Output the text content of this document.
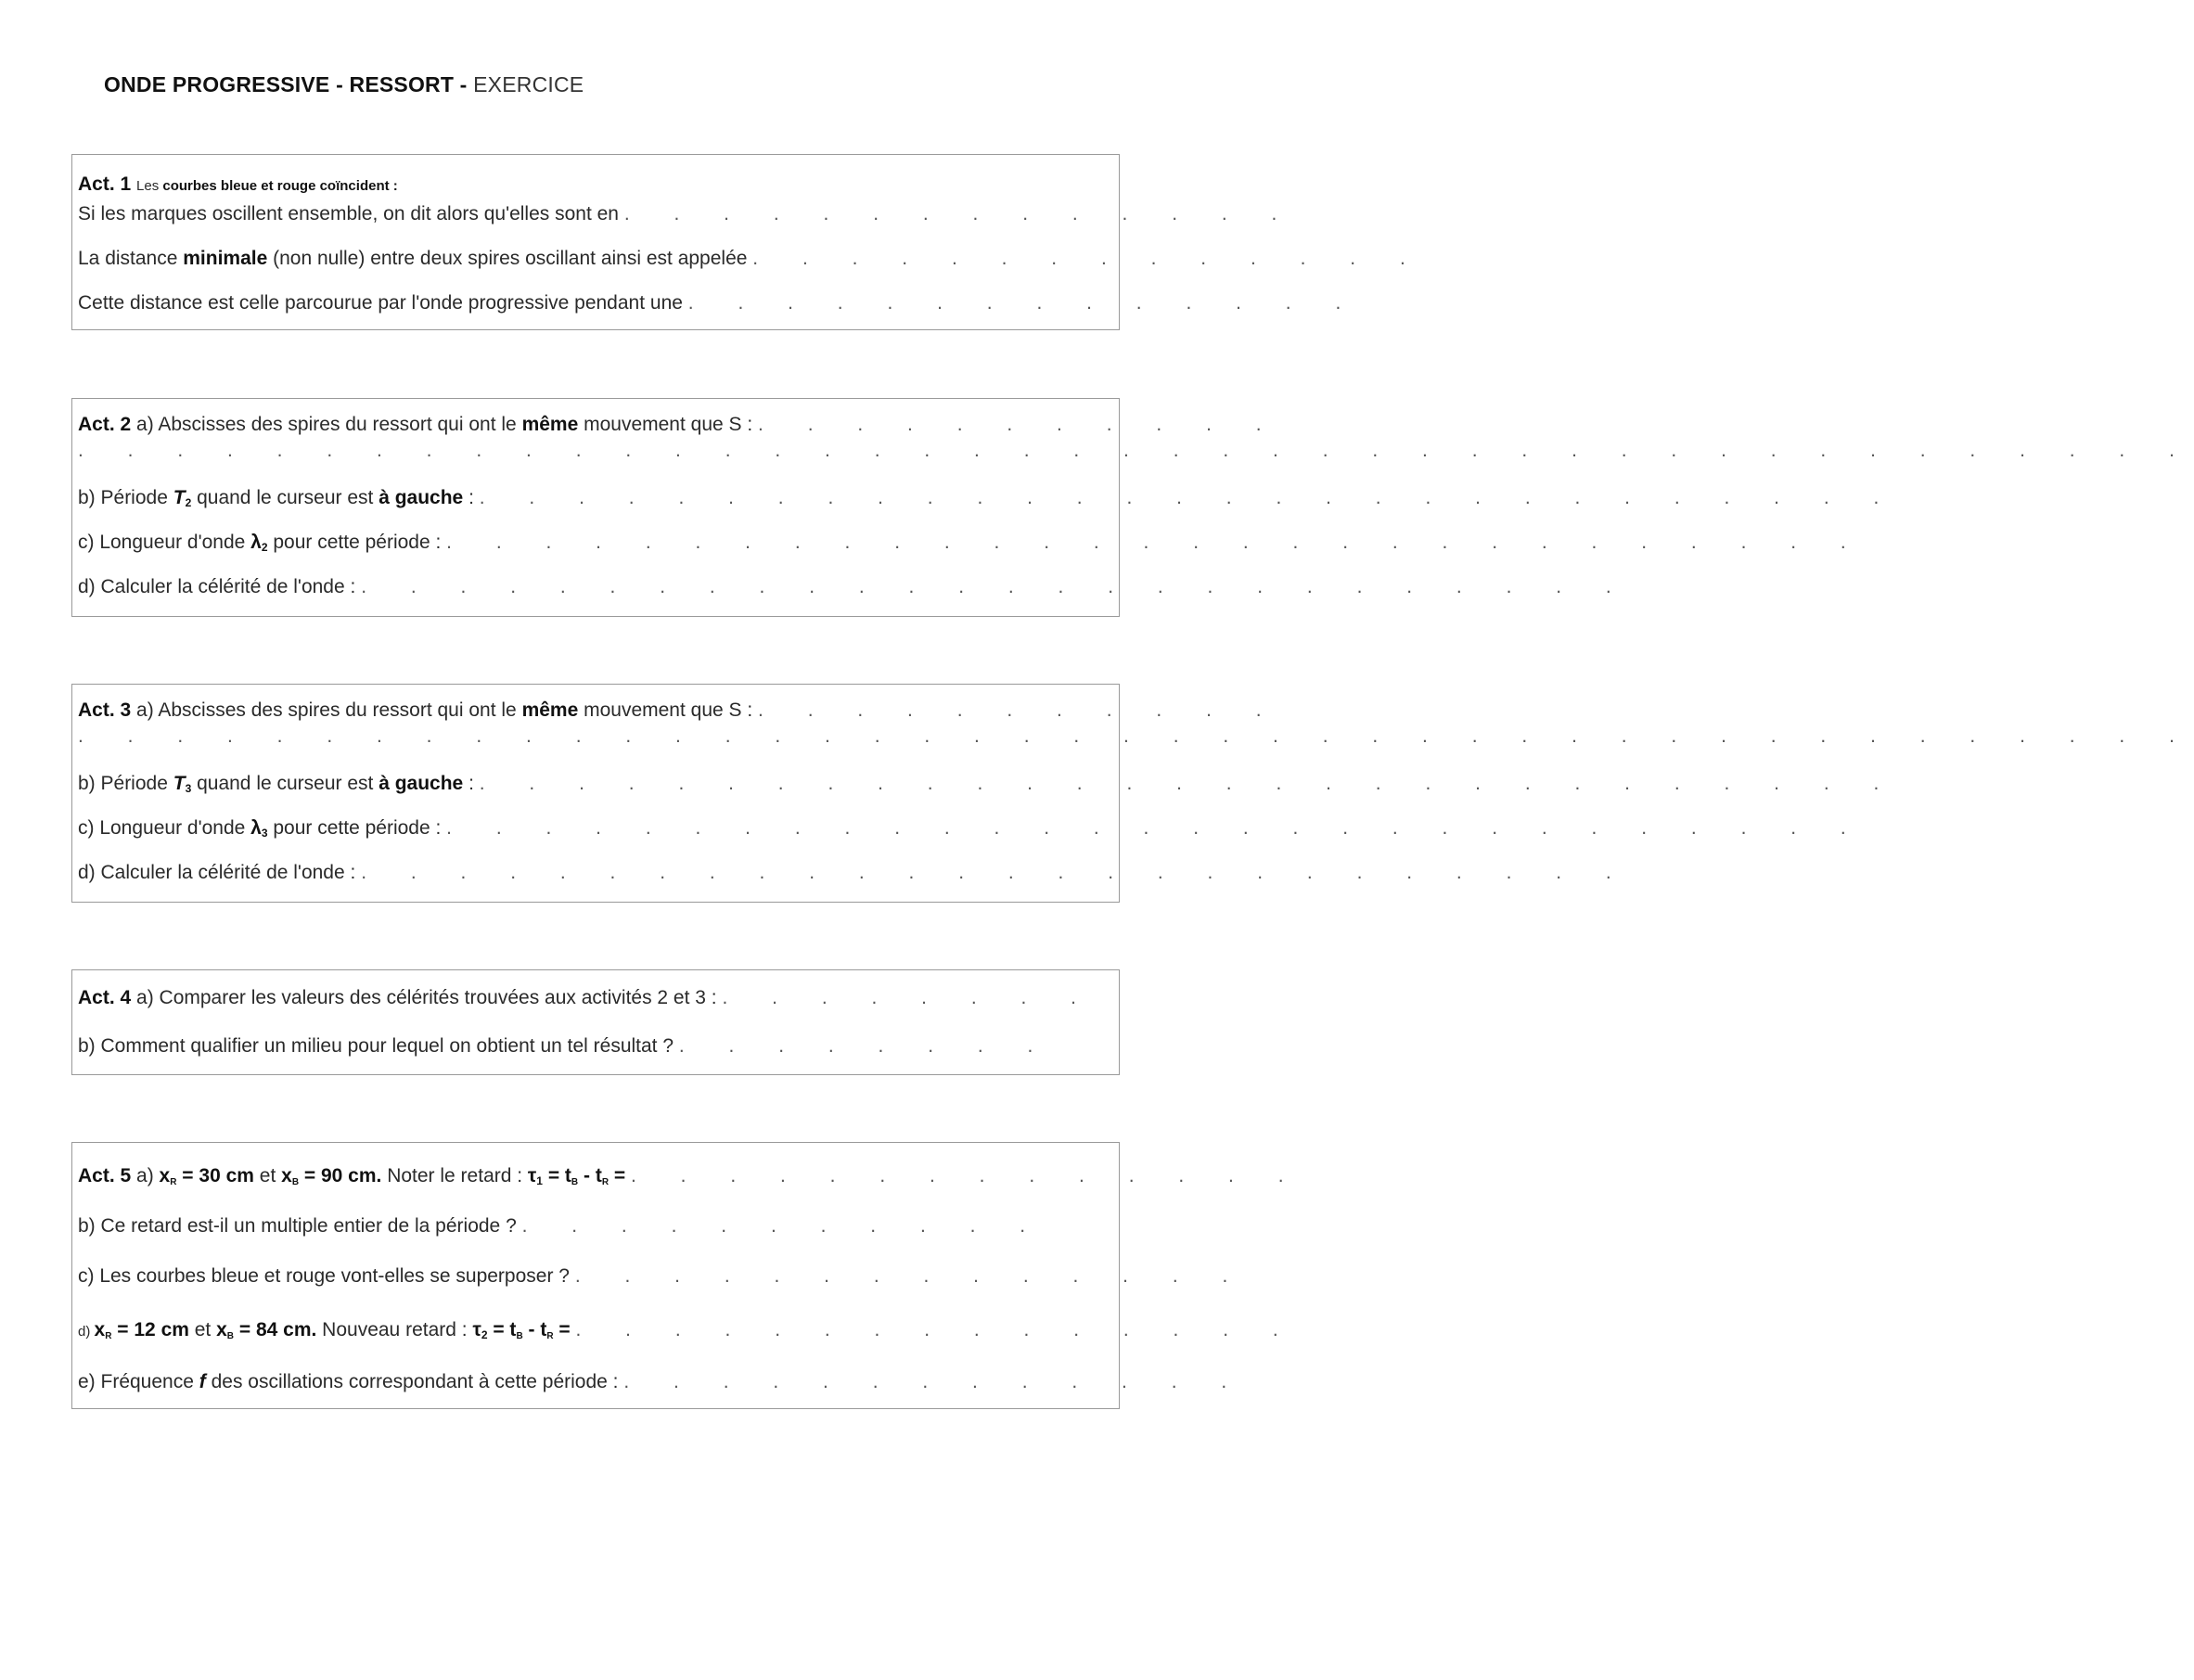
ONDE PROGRESSIVE - RESSORT - EXERCICE
Act. 1 Les courbes bleue et rouge coïncident :
Si les marques oscillent ensemble, on dit alors qu'elles sont en . . . . . . . . . . . . . .
La distance minimale (non nulle) entre deux spires oscillant ainsi est appelée . . . . . . . . . . . . . .
Cette distance est celle parcourue par l'onde progressive pendant une . . . . . . . . . . . . . .
Act. 2 a) Abscisses des spires du ressort qui ont le même mouvement que S : . . . . . . . . . . .
. . . . . . . . . . . . . . . . . . . . . . . . . . . . . . . . . . . . . . . . . . .
b) Période $T_2$ quand le curseur est à gauche : . . . . . . . . . . . . . . . . . . . . . . . . . . . . .
c) Longueur d'onde $\lambda_2$ pour cette période : . . . . . . . . . . . . . . . . . . . . . . . . . . . . .
d) Calculer la célérité de l'onde : . . . . . . . . . . . . . . . . . . . . . . . . . .
Act. 3 a) Abscisses des spires du ressort qui ont le même mouvement que S : . . . . . . . . . . .
. . . . . . . . . . . . . . . . . . . . . . . . . . . . . . . . . . . . . . . . . . .
b) Période $T_3$ quand le curseur est à gauche : . . . . . . . . . . . . . . . . . . . . . . . . . . . . .
c) Longueur d'onde $\lambda_3$ pour cette période : . . . . . . . . . . . . . . . . . . . . . . . . . . . . .
d) Calculer la célérité de l'onde : . . . . . . . . . . . . . . . . . . . . . . . . . .
Act. 4 a) Comparer les valeurs des célérités trouvées aux activités 2 et 3 : . . . . . . . .
b) Comment qualifier un milieu pour lequel on obtient un tel résultat ? . . . . . . . .
Act. 5 a) $x_R = 30$ cm et $x_B = 90$ cm. Noter le retard : $\tau_1 = t_B - t_R$ = . . . . . . . . . . . . . .
b) Ce retard est-il un multiple entier de la période ? . . . . . . . . . . .
c) Les courbes bleue et rouge vont-elles se superposer ? . . . . . . . . . . . . . .
d) $x_R = 12$ cm et $x_B = 84$ cm. Nouveau retard : $\tau_2 = t_B - t_R$ = . . . . . . . . . . . . . . .
e) Fréquence f des oscillations correspondant à cette période : . . . . . . . . . . . . .
